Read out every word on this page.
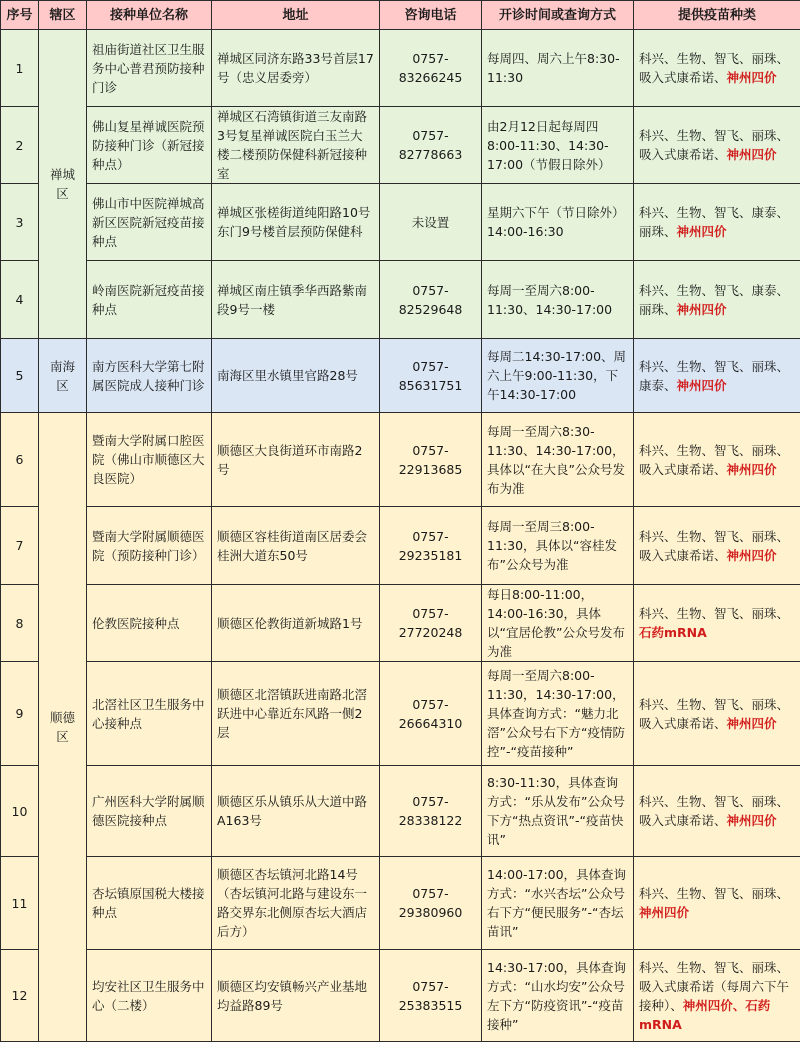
序号	辖区	接种单位名称	地址	咨询电话	开诊时间或查询方式	提供疫苗种类
1	禅城区	祖庙街道社区卫生服务中心普君预防接种门诊	禅城区同济东路33号首层17号（忠义居委旁）	0757-83266245	每周四、周六上午8:30-11:30	科兴、生物、智飞、丽珠、吸入式康希诺、神州四价
2		佛山复星禅诚医院预防接种门诊（新冠接种点）	禅城区石湾镇街道三友南路3号复星禅诚医院白玉兰大楼二楼预防保健科新冠接种室	0757-82778663	由2月12日起每周四8:00-11:30、14:30-17:00（节假日除外）	科兴、生物、智飞、丽珠、吸入式康希诺、神州四价
3		佛山市中医院禅城高新区医院新冠疫苗接种点	禅城区张槎街道纯阳路10号东门9号楼首层预防保健科	未设置	星期六下午（节日除外）14:00-16:30	科兴、生物、智飞、康泰、丽珠、神州四价
4		岭南医院新冠疫苗接种点	禅城区南庄镇季华西路紫南段9号一楼	0757-82529648	每周一至周六8:00-11:30、14:30-17:00	科兴、生物、智飞、康泰、丽珠、神州四价
5	南海区	南方医科大学第七附属医院成人接种门诊	南海区里水镇里官路28号	0757-85631751	每周二14:30-17:00、周六上午9:00-11:30，下午14:30-17:00	科兴、生物、智飞、丽珠、康泰、神州四价
6	顺德区	暨南大学附属口腔医院（佛山市顺德区大良医院）	顺德区大良街道环市南路2号	0757-22913685	每周一至周六8:30-11:30、14:30-17:00，具体以“在大良”公众号发布为准	科兴、生物、智飞、丽珠、吸入式康希诺、神州四价
7		暨南大学附属顺德医院（预防接种门诊）	顺德区容桂街道南区居委会桂洲大道东50号	0757-29235181	每周一至周三8:00-11:30，具体以“容桂发布”公众号为准	科兴、生物、智飞、丽珠、吸入式康希诺、神州四价
8		伦教医院接种点	顺德区伦教街道新城路1号	0757-27720248	每日8:00-11:00，14:00-16:30，具体以“宜居伦教”公众号发布为准	科兴、生物、智飞、丽珠、石药mRNA
9		北滘社区卫生服务中心接种点	顺德区北滘镇跃进南路北滘跃进中心靠近东风路一侧2层	0757-26664310	每周一至周六8:00-11:30，14:30-17:00，具体查询方式：“魅力北滘”公众号右下方“疫情防控”-“疫苗接种”	科兴、生物、智飞、丽珠、吸入式康希诺、神州四价
10		广州医科大学附属顺德医院接种点	顺德区乐从镇乐从大道中路A163号	0757-28338122	8:30-11:30，具体查询方式：“乐从发布”公众号下方“热点资讯”-“疫苗快讯”	科兴、生物、智飞、丽珠、吸入式康希诺、神州四价
11		杏坛镇原国税大楼接种点	顺德区杏坛镇河北路14号（杏坛镇河北路与建设东一路交界东北侧原杏坛大酒店后方）	0757-29380960	14:00-17:00，具体查询方式：“水兴杏坛”公众号右下方“便民服务”-“杏坛苗讯”	科兴、生物、智飞、丽珠、神州四价
12		均安社区卫生服务中心（二楼）	顺德区均安镇畅兴产业基地均益路89号	0757-25383515	14:30-17:00，具体查询方式：“山水均安”公众号左下方“防疫资讯”-“疫苗接种”	科兴、生物、智飞、丽珠、吸入式康希诺（每周六下午接种）、神州四价、石药mRNA
